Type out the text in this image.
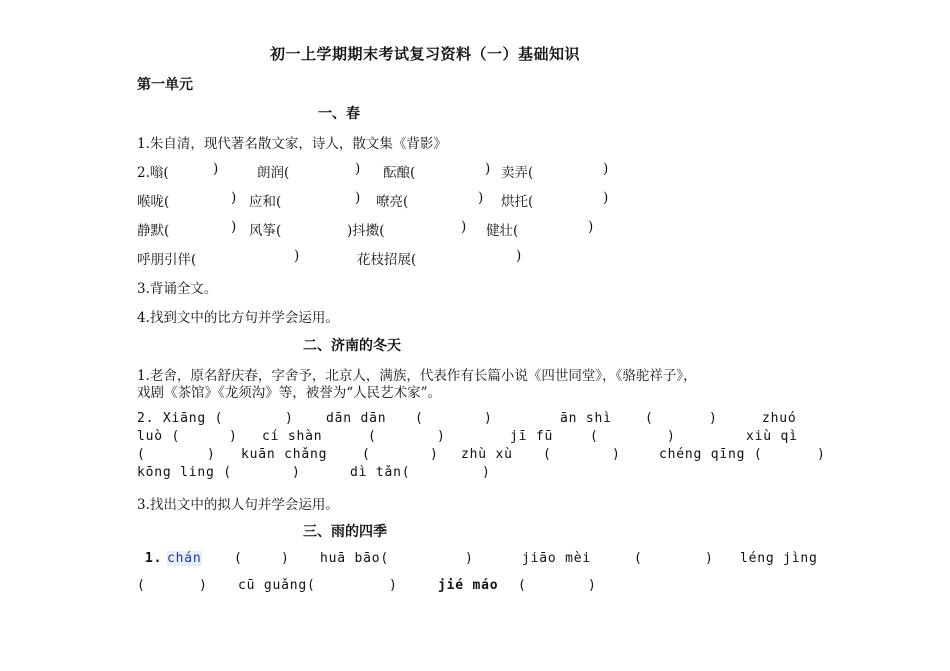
初一上学期期末考试复习资料（一）基础知识
第一单元
一、春
1.朱自清，现代著名散文家，诗人，散文集《背影》
2.嗡(	)	朗润(	) 酝酿(	) 卖弄(	)
喉咙(	) 应和(	) 嘹亮(	) 烘托(	)
静默(	) 风筝(	)抖擞(	) 健壮(	)
呼朋引伴(	)	花枝招展(	)
3.背诵全文。
4.找到文中的比方句并学会运用。
二、济南的冬天
1.老舍，原名舒庆春，字舍予，北京人，满族，代表作有长篇小说《四世同堂》，《骆驼祥子》，
戏剧《茶馆》《龙须沟》等，被誉为“人民艺术家”。
2. Xiāng (	) dān dān (	)	ān shì	(	)	zhuó
luò (	) cí shàn	(	)	jī fū	(	)	xiù qì
(	) kuān chǎng	(	) zhù xù (	)	chéng qīng (	)
kōng ling (	)	dì tǎn(	)
3.找出文中的拟人句并学会运用。
三、雨的四季
1. chán (	) huā bāo(	)	jiāo mèi	(	) léng jìng
(	) cū guǎng(	)	jié máo (	)
